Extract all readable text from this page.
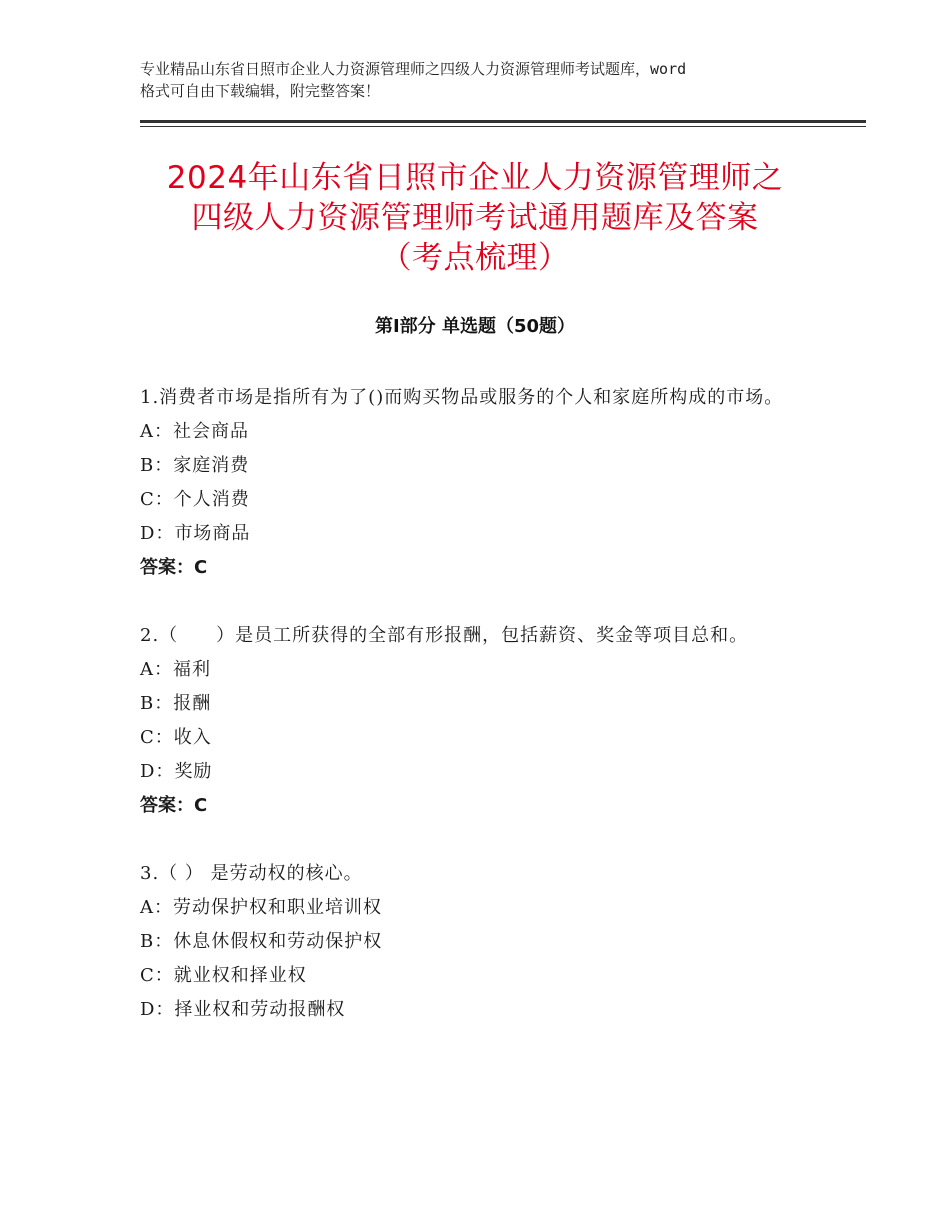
专业精品山东省日照市企业人力资源管理师之四级人力资源管理师考试题库，word
格式可自由下载编辑，附完整答案！
2024年山东省日照市企业人力资源管理师之
四级人力资源管理师考试通用题库及答案
（考点梳理）
第Ⅰ部分 单选题（50题）

1.消费者市场是指所有为了()而购买物品或服务的个人和家庭所构成的市场。

A：社会商品

B：家庭消费

C：个人消费

D：市场商品

答案：C

2.（　　）是员工所获得的全部有形报酬，包括薪资、奖金等项目总和。

A：福利

B：报酬

C：收入

D：奖励

答案：C

3.（ ） 是劳动权的核心。

A：劳动保护权和职业培训权

B：休息休假权和劳动保护权

C：就业权和择业权

D：择业权和劳动报酬权
